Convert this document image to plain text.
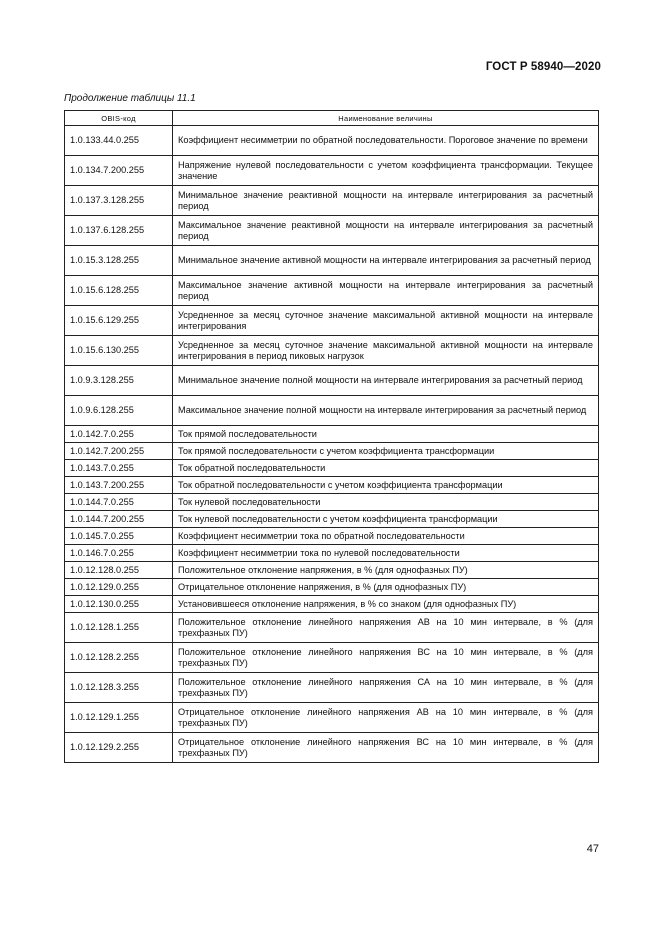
ГОСТ Р 58940—2020
Продолжение таблицы 11.1
OBIS-код	Наименование величины
1.0.133.44.0.255	Коэффициент несимметрии по обратной последовательности. Пороговое значение по времени
1.0.134.7.200.255	Напряжение нулевой последовательности с учетом коэффициента трансформации. Текущее значение
1.0.137.3.128.255	Минимальное значение реактивной мощности на интервале интегрирования за расчетный период
1.0.137.6.128.255	Максимальное значение реактивной мощности на интервале интегрирования за расчетный период
1.0.15.3.128.255	Минимальное значение активной мощности на интервале интегрирования за расчетный период
1.0.15.6.128.255	Максимальное значение активной мощности на интервале интегрирования за расчетный период
1.0.15.6.129.255	Усредненное за месяц суточное значение максимальной активной мощности на интервале интегрирования
1.0.15.6.130.255	Усредненное за месяц суточное значение максимальной активной мощности на интервале интегрирования в период пиковых нагрузок
1.0.9.3.128.255	Минимальное значение полной мощности на интервале интегрирования за расчетный период
1.0.9.6.128.255	Максимальное значение полной мощности на интервале интегрирования за расчетный период
1.0.142.7.0.255	Ток прямой последовательности
1.0.142.7.200.255	Ток прямой последовательности с учетом коэффициента трансформации
1.0.143.7.0.255	Ток обратной последовательности
1.0.143.7.200.255	Ток обратной последовательности с учетом коэффициента трансформации
1.0.144.7.0.255	Ток нулевой последовательности
1.0.144.7.200.255	Ток нулевой последовательности с учетом коэффициента трансформации
1.0.145.7.0.255	Коэффициент несимметрии тока по обратной последовательности
1.0.146.7.0.255	Коэффициент несимметрии тока по нулевой последовательности
1.0.12.128.0.255	Положительное отклонение напряжения, в % (для однофазных ПУ)
1.0.12.129.0.255	Отрицательное отклонение напряжения, в % (для однофазных ПУ)
1.0.12.130.0.255	Установившееся отклонение напряжения, в % со знаком (для однофазных ПУ)
1.0.12.128.1.255	Положительное отклонение линейного напряжения АВ на 10 мин интервале, в % (для трехфазных ПУ)
1.0.12.128.2.255	Положительное отклонение линейного напряжения ВС на 10 мин интервале, в % (для трехфазных ПУ)
1.0.12.128.3.255	Положительное отклонение линейного напряжения СА на 10 мин интервале, в % (для трехфазных ПУ)
1.0.12.129.1.255	Отрицательное отклонение линейного напряжения АВ на 10 мин интервале, в % (для трехфазных ПУ)
1.0.12.129.2.255	Отрицательное отклонение линейного напряжения ВС на 10 мин интервале, в % (для трехфазных ПУ)
47
